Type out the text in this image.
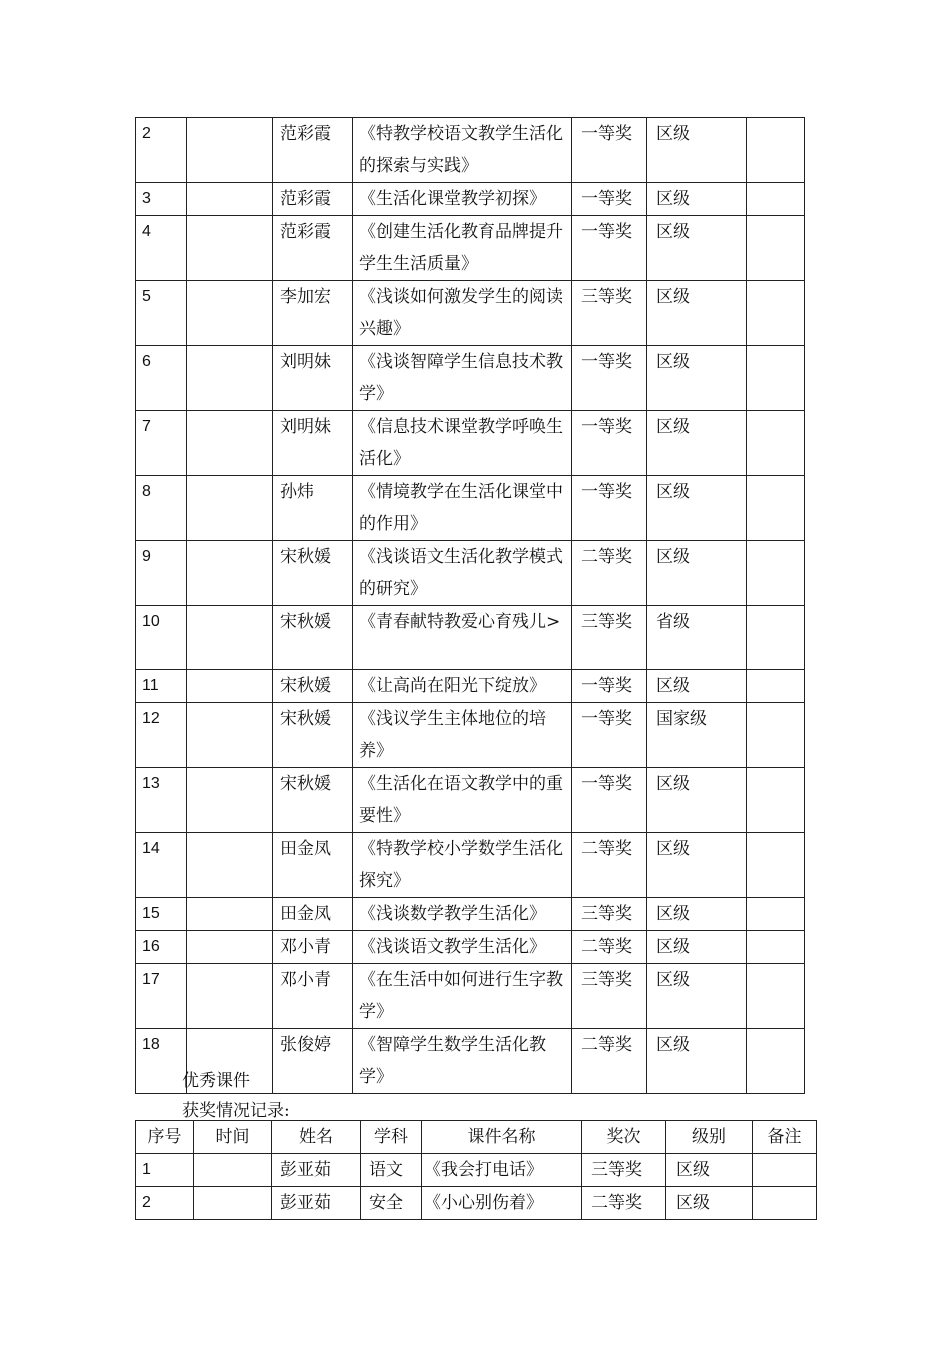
2		范彩霞	《特教学校语文教学生活化的探索与实践》	一等奖	区级	
3		范彩霞	《生活化课堂教学初探》	一等奖	区级	
4		范彩霞	《创建生活化教育品牌提升学生生活质量》	一等奖	区级	
5		李加宏	《浅谈如何激发学生的阅读兴趣》	三等奖	区级	
6		刘明妹	《浅谈智障学生信息技术教学》	一等奖	区级	
7		刘明妹	《信息技术课堂教学呼唤生活化》	一等奖	区级	
8		孙炜	《情境教学在生活化课堂中的作用》	一等奖	区级	
9		宋秋媛	《浅谈语文生活化教学模式的研究》	二等奖	区级	
10		宋秋媛	《青春献特教爱心育残儿>	三等奖	省级	
11		宋秋媛	《让高尚在阳光下绽放》	一等奖	区级	
12		宋秋媛	《浅议学生主体地位的培养》	一等奖	国家级	
13		宋秋媛	《生活化在语文教学中的重要性》	一等奖	区级	
14		田金凤	《特教学校小学数学生活化探究》	二等奖	区级	
15		田金凤	《浅谈数学教学生活化》	三等奖	区级	
16		邓小青	《浅谈语文教学生活化》	二等奖	区级	
17		邓小青	《在生活中如何进行生字教学》	三等奖	区级	
18		张俊婷	《智障学生数学生活化教学》	二等奖	区级	
优秀课件
获奖情况记录:
序号	时间	姓名	学科	课件名称	奖次	级别	备注
1		彭亚茹	语文	《我会打电话》	三等奖	区级	
2		彭亚茹	安全	《小心别伤着》	二等奖	区级	
